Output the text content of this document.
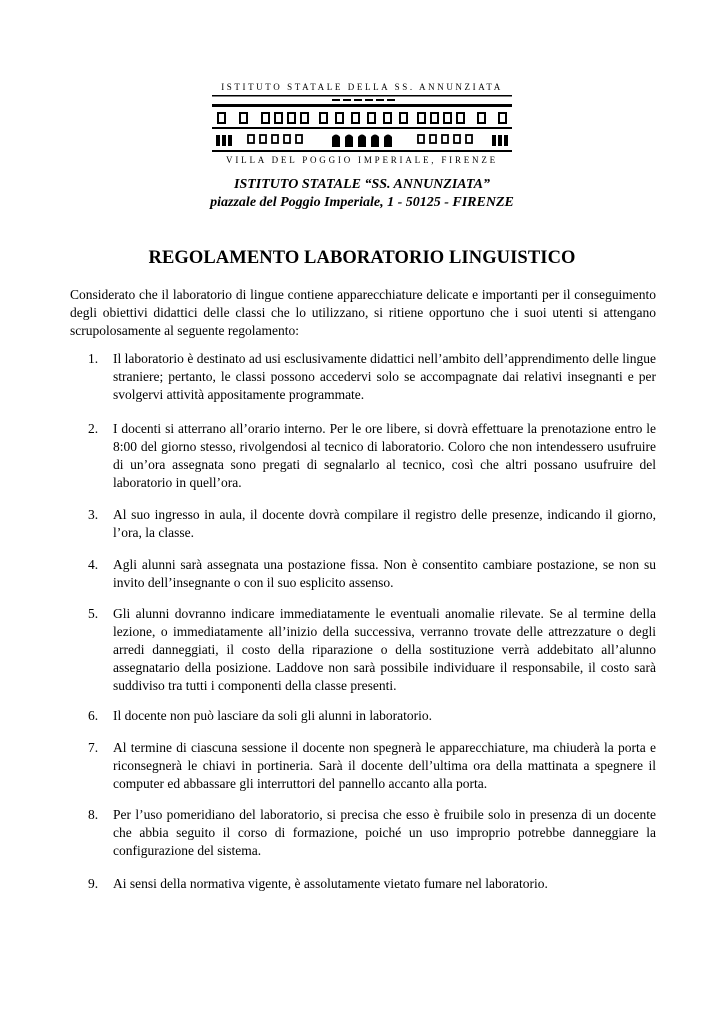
ISTITUTO STATALE DELLA SS. ANNUNZIATA
VILLA DEL POGGIO IMPERIALE, FIRENZE
ISTITUTO STATALE “SS. ANNUNZIATA”
piazzale del Poggio Imperiale, 1 - 50125 - FIRENZE
REGOLAMENTO LABORATORIO LINGUISTICO

Considerato che il laboratorio di lingue contiene apparecchiature delicate e importanti per il conseguimento degli obiettivi didattici delle classi che lo utilizzano, si ritiene opportuno che i suoi utenti si attengano scrupolosamente al seguente regolamento:

1.	Il laboratorio è destinato ad usi esclusivamente didattici nell’ambito dell’apprendimento delle lingue straniere; pertanto, le classi possono accedervi solo se accompagnate dai relativi insegnanti e per svolgervi attività appositamente programmate.

2.	I docenti si atterrano all’orario interno. Per le ore libere, si dovrà effettuare la prenotazione entro le 8:00 del giorno stesso, rivolgendosi al tecnico di laboratorio. Coloro che non intendessero usufruire di un’ora assegnata sono pregati di segnalarlo al tecnico, così che altri possano usufruire del laboratorio in quell’ora.

3.	Al suo ingresso in aula, il docente dovrà compilare il registro delle presenze, indicando il giorno, l’ora, la classe.

4.	Agli alunni sarà assegnata una postazione fissa. Non è consentito cambiare postazione, se non su invito dell’insegnante o con il suo esplicito assenso.

5.	Gli alunni dovranno indicare immediatamente le eventuali anomalie rilevate. Se al termine della lezione, o immediatamente all’inizio della successiva, verranno trovate delle attrezzature o degli arredi danneggiati, il costo della riparazione o della sostituzione verrà addebitato all’alunno assegnatario della posizione. Laddove non sarà possibile individuare il responsabile, il costo sarà suddiviso tra tutti i componenti della classe presenti.

6.	Il docente non può lasciare da soli gli alunni in laboratorio.

7.	Al termine di ciascuna sessione il docente non spegnerà le apparecchiature, ma chiuderà la porta e riconsegnerà le chiavi in portineria. Sarà il docente dell’ultima ora della mattinata a spegnere il computer ed abbassare gli interruttori del pannello accanto alla porta.

8.	Per l’uso pomeridiano del laboratorio, si precisa che esso è fruibile solo in presenza di un docente che abbia seguito il corso di formazione, poiché un uso improprio potrebbe danneggiare la configurazione del sistema.

9.	Ai sensi della normativa vigente, è assolutamente vietato fumare nel laboratorio.
